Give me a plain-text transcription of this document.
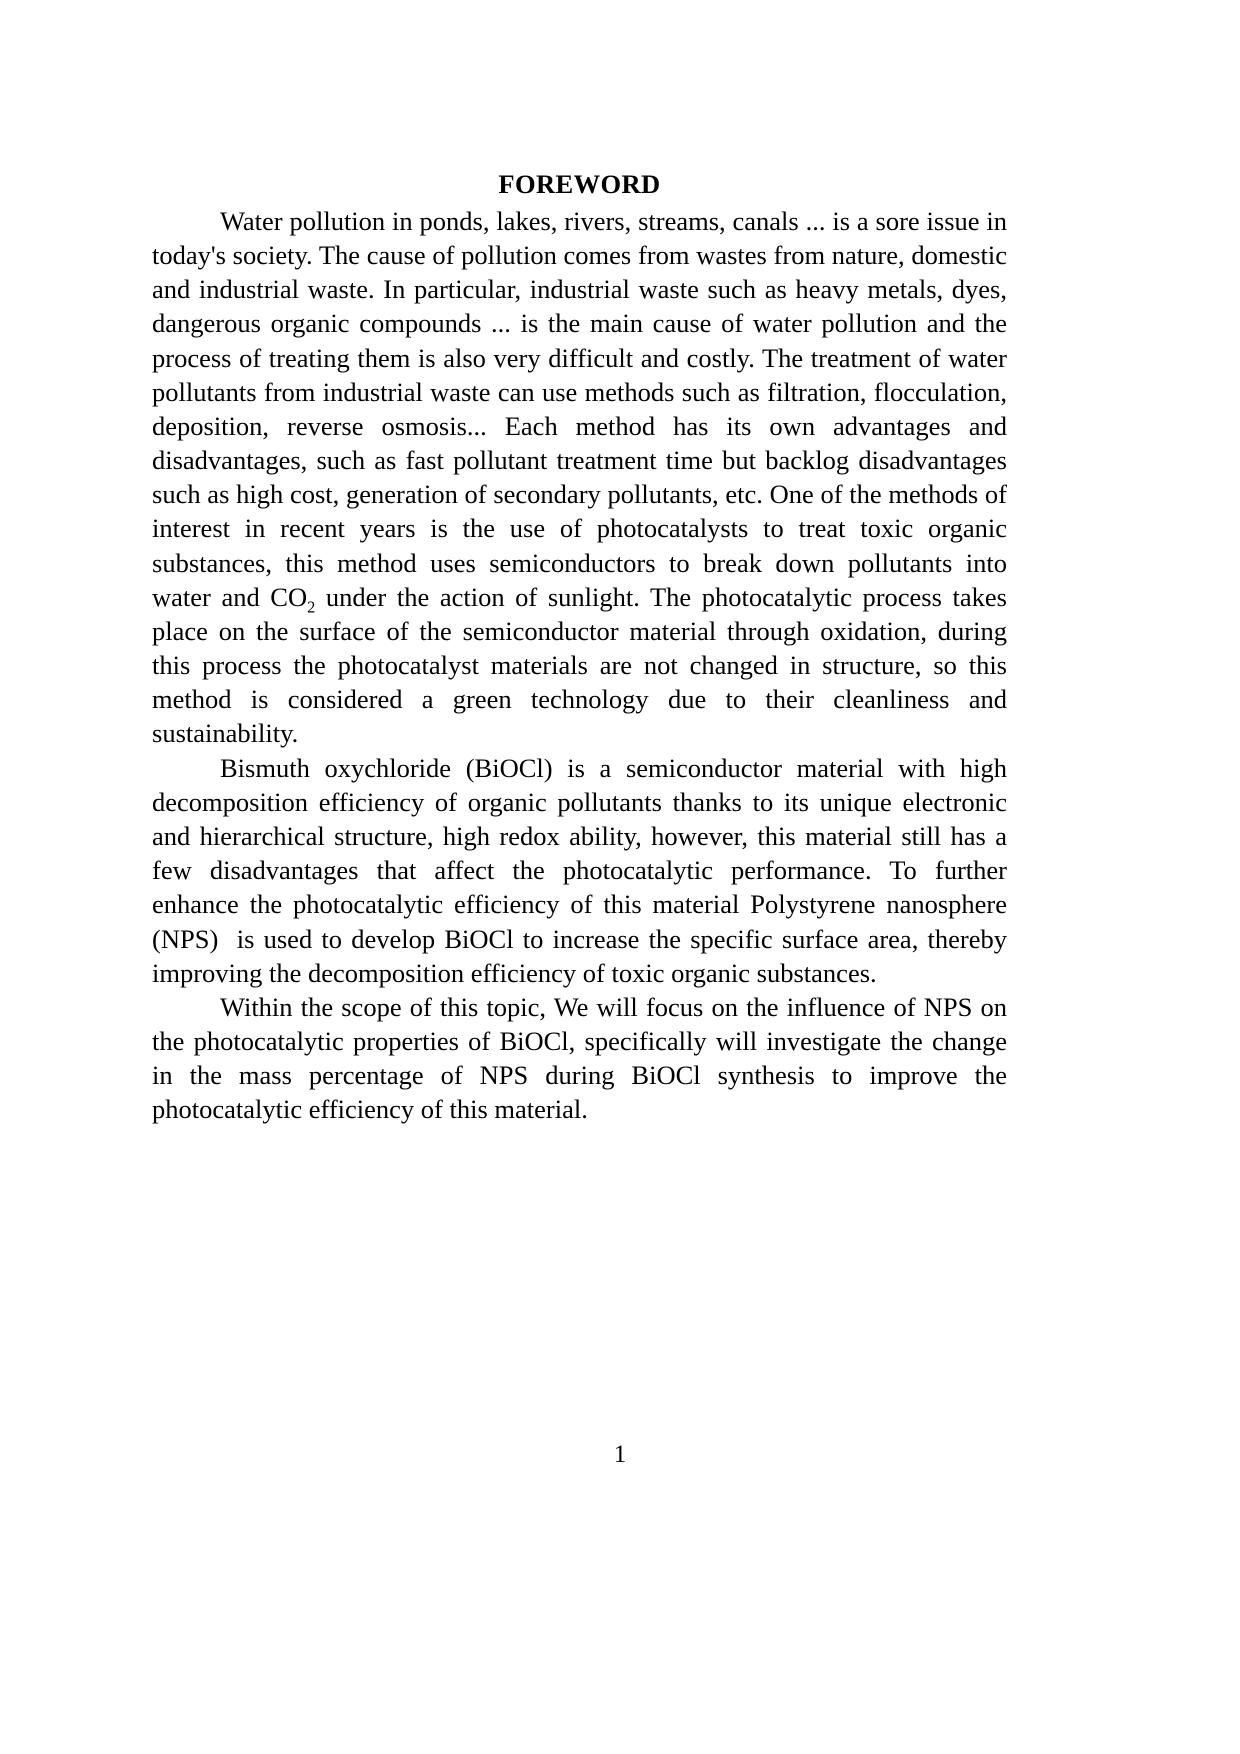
FOREWORD

Water pollution in ponds, lakes, rivers, streams, canals ... is a sore issue in today's society. The cause of pollution comes from wastes from nature, domestic and industrial waste. In particular, industrial waste such as heavy metals, dyes, dangerous organic compounds ... is the main cause of water pollution and the process of treating them is also very difficult and costly. The treatment of water pollutants from industrial waste can use methods such as filtration, flocculation, deposition, reverse osmosis... Each method has its own advantages and disadvantages, such as fast pollutant treatment time but backlog disadvantages such as high cost, generation of secondary pollutants, etc. One of the methods of interest in recent years is the use of photocatalysts to treat toxic organic substances, this method uses semiconductors to break down pollutants into water and $CO_2$ under the action of sunlight. The photocatalytic process takes place on the surface of the semiconductor material through oxidation, during this process the photocatalyst materials are not changed in structure, so this method is considered a green technology due to their cleanliness and sustainability.

Bismuth oxychloride (BiOCl) is a semiconductor material with high decomposition efficiency of organic pollutants thanks to its unique electronic and hierarchical structure, high redox ability, however, this material still has a few disadvantages that affect the photocatalytic performance. To further enhance the photocatalytic efficiency of this material Polystyrene nanosphere (NPS) is used to develop BiOCl to increase the specific surface area, thereby improving the decomposition efficiency of toxic organic substances.

Within the scope of this topic, We will focus on the influence of NPS on the photocatalytic properties of BiOCl, specifically will investigate the change in the mass percentage of NPS during BiOCl synthesis to improve the photocatalytic efficiency of this material.

1
